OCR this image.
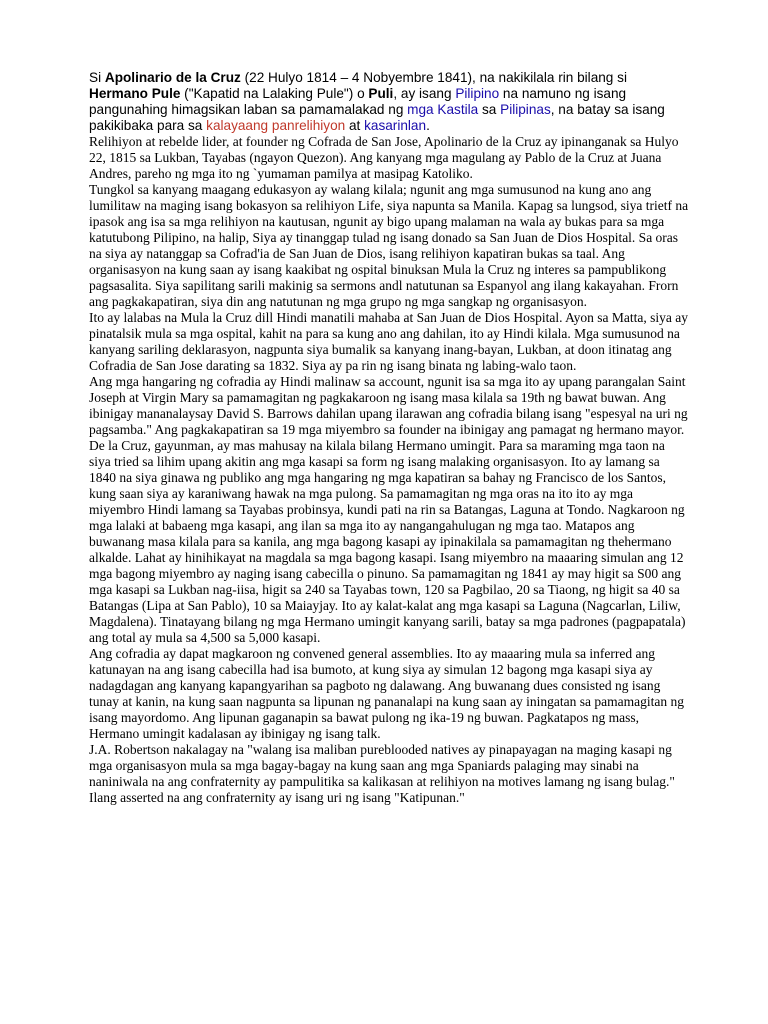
Si Apolinario de la Cruz (22 Hulyo 1814 – 4 Nobyembre 1841), na nakikilala rin bilang si Hermano Pule ("Kapatid na Lalaking Pule") o Puli, ay isang Pilipino na namuno ng isang pangunahing himagsikan laban sa pamamalakad ng mga Kastila sa Pilipinas, na batay sa isang pakikibaka para sa kalayaang panrelihiyon at kasarinlan.

Relihiyon at rebelde lider, at founder ng Cofrada de San Jose, Apolinario de la Cruz ay ipinanganak sa Hulyo 22, 1815 sa Lukban, Tayabas (ngayon Quezon). Ang kanyang mga magulang ay Pablo de la Cruz at Juana Andres, pareho ng mga ito ng `yumaman pamilya at masipag Katoliko.

Tungkol sa kanyang maagang edukasyon ay walang kilala; ngunit ang mga sumusunod na kung ano ang lumilitaw na maging isang bokasyon sa relihiyon Life, siya napunta sa Manila. Kapag sa lungsod, siya trietf na ipasok ang isa sa mga relihiyon na kautusan, ngunit ay bigo upang malaman na wala ay bukas para sa mga katutubong Pilipino, na halip, Siya ay tinanggap tulad ng isang donado sa San Juan de Dios Hospital. Sa oras na siya ay natanggap sa Cofrad'ia de San Juan de Dios, isang relihiyon kapatiran bukas sa taal. Ang organisasyon na kung saan ay isang kaakibat ng ospital binuksan Mula la Cruz ng interes sa pampublikong pagsasalita. Siya sapilitang sarili makinig sa sermons andl natutunan sa Espanyol ang ilang kakayahan. Frorn ang pagkakapatiran, siya din ang natutunan ng mga grupo ng mga sangkap ng organisasyon.

Ito ay lalabas na Mula la Cruz dill Hindi manatili mahaba at San Juan de Dios Hospital. Ayon sa Matta, siya ay pinatalsik mula sa mga ospital, kahit na para sa kung ano ang dahilan, ito ay Hindi kilala. Mga sumusunod na kanyang sariling deklarasyon, nagpunta siya bumalik sa kanyang inang-bayan, Lukban, at doon itinatag ang Cofradia de San Jose darating sa 1832. Siya ay pa rin ng isang binata ng labing-walo taon.

Ang mga hangaring ng cofradia ay Hindi malinaw sa account, ngunit isa sa mga ito ay upang parangalan Saint Joseph at Virgin Mary sa pamamagitan ng pagkakaroon ng isang masa kilala sa 19th ng bawat buwan. Ang ibinigay mananalaysay David S. Barrows dahilan upang ilarawan ang cofradia bilang isang "espesyal na uri ng pagsamba." Ang pagkakapatiran sa 19 mga miyembro sa founder na ibinigay ang pamagat ng hermano mayor. De la Cruz, gayunman, ay mas mahusay na kilala bilang Hermano umingit. Para sa maraming mga taon na siya tried sa lihim upang akitin ang mga kasapi sa form ng isang malaking organisasyon. Ito ay lamang sa 1840 na siya ginawa ng publiko ang mga hangaring ng mga kapatiran sa bahay ng Francisco de los Santos, kung saan siya ay karaniwang hawak na mga pulong. Sa pamamagitan ng mga oras na ito ito ay mga miyembro Hindi lamang sa Tayabas probinsya, kundi pati na rin sa Batangas, Laguna at Tondo. Nagkaroon ng mga lalaki at babaeng mga kasapi, ang ilan sa mga ito ay nangangahulugan ng mga tao. Matapos ang buwanang masa kilala para sa kanila, ang mga bagong kasapi ay ipinakilala sa pamamagitan ng thehermano alkalde. Lahat ay hinihikayat na magdala sa mga bagong kasapi. Isang miyembro na maaaring simulan ang 12 mga bagong miyembro ay naging isang cabecilla o pinuno. Sa pamamagitan ng 1841 ay may higit sa S00 ang mga kasapi sa Lukban nag-iisa, higit sa 240 sa Tayabas town, 120 sa Pagbilao, 20 sa Tiaong, ng higit sa 40 sa Batangas (Lipa at San Pablo), 10 sa Maiayjay. Ito ay kalat-kalat ang mga kasapi sa Laguna (Nagcarlan, Liliw, Magdalena). Tinatayang bilang ng mga Hermano umingit kanyang sarili, batay sa mga padrones (pagpapatala) ang total ay mula sa 4,500 sa 5,000 kasapi.

Ang cofradia ay dapat magkaroon ng convened general assemblies. Ito ay maaaring mula sa inferred ang katunayan na ang isang cabecilla had isa bumoto, at kung siya ay simulan 12 bagong mga kasapi siya ay nadagdagan ang kanyang kapangyarihan sa pagboto ng dalawang. Ang buwanang dues consisted ng isang tunay at kanin, na kung saan nagpunta sa lipunan ng pananalapi na kung saan ay iningatan sa pamamagitan ng isang mayordomo. Ang lipunan gaganapin sa bawat pulong ng ika-19 ng buwan. Pagkatapos ng mass, Hermano umingit kadalasan ay ibinigay ng isang talk.

J.A. Robertson nakalagay na "walang isa maliban pureblooded natives ay pinapayagan na maging kasapi ng mga organisasyon mula sa mga bagay-bagay na kung saan ang mga Spaniards palaging may sinabi na naniniwala na ang confraternity ay pampulitika sa kalikasan at relihiyon na motives lamang ng isang bulag." Ilang asserted na ang confraternity ay isang uri ng isang "Katipunan."
